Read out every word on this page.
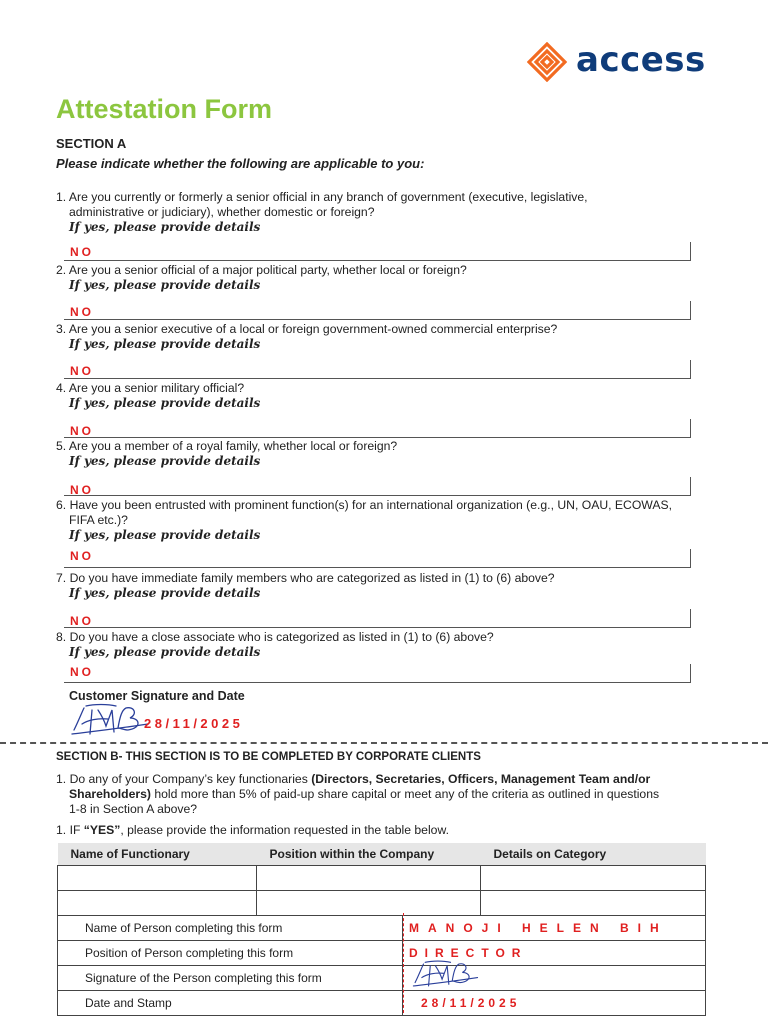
access
Attestation Form
SECTION A
Please indicate whether the following are applicable to you:
1. Are you currently or formerly a senior official in any branch of government (executive, legislative,
administrative or judiciary), whether domestic or foreign?
If yes, please provide details
NO
2. Are you a senior official of a major political party, whether local or foreign?
If yes, please provide details
NO
3. Are you a senior executive of a local or foreign government-owned commercial enterprise?
If yes, please provide details
NO
4. Are you a senior military official?
If yes, please provide details
NO
5. Are you a member of a royal family, whether local or foreign?
If yes, please provide details
NO
6. Have you been entrusted with prominent function(s) for an international organization (e.g., UN, OAU, ECOWAS,
FIFA etc.)?
If yes, please provide details
NO
7. Do you have immediate family members who are categorized as listed in (1) to (6) above?
If yes, please provide details
NO
8. Do you have a close associate who is categorized as listed in (1) to (6) above?
If yes, please provide details
NO
Customer Signature and Date
28/11/2025
SECTION B- THIS SECTION IS TO BE COMPLETED BY CORPORATE CLIENTS
1. Do any of your Company’s key functionaries (Directors, Secretaries, Officers, Management Team and/or
Shareholders) hold more than 5% of paid-up share capital or meet any of the criteria as outlined in questions
1-8 in Section A above?
1. IF “YES”, please provide the information requested in the table below.
Name of Functionary	Position within the Company	Details on Category

Name of Person completing this form	MANOJI HELEN BIH
Position of Person completing this form	DIRECTOR
Signature of the Person completing this form	
Date and Stamp	28/11/2025
